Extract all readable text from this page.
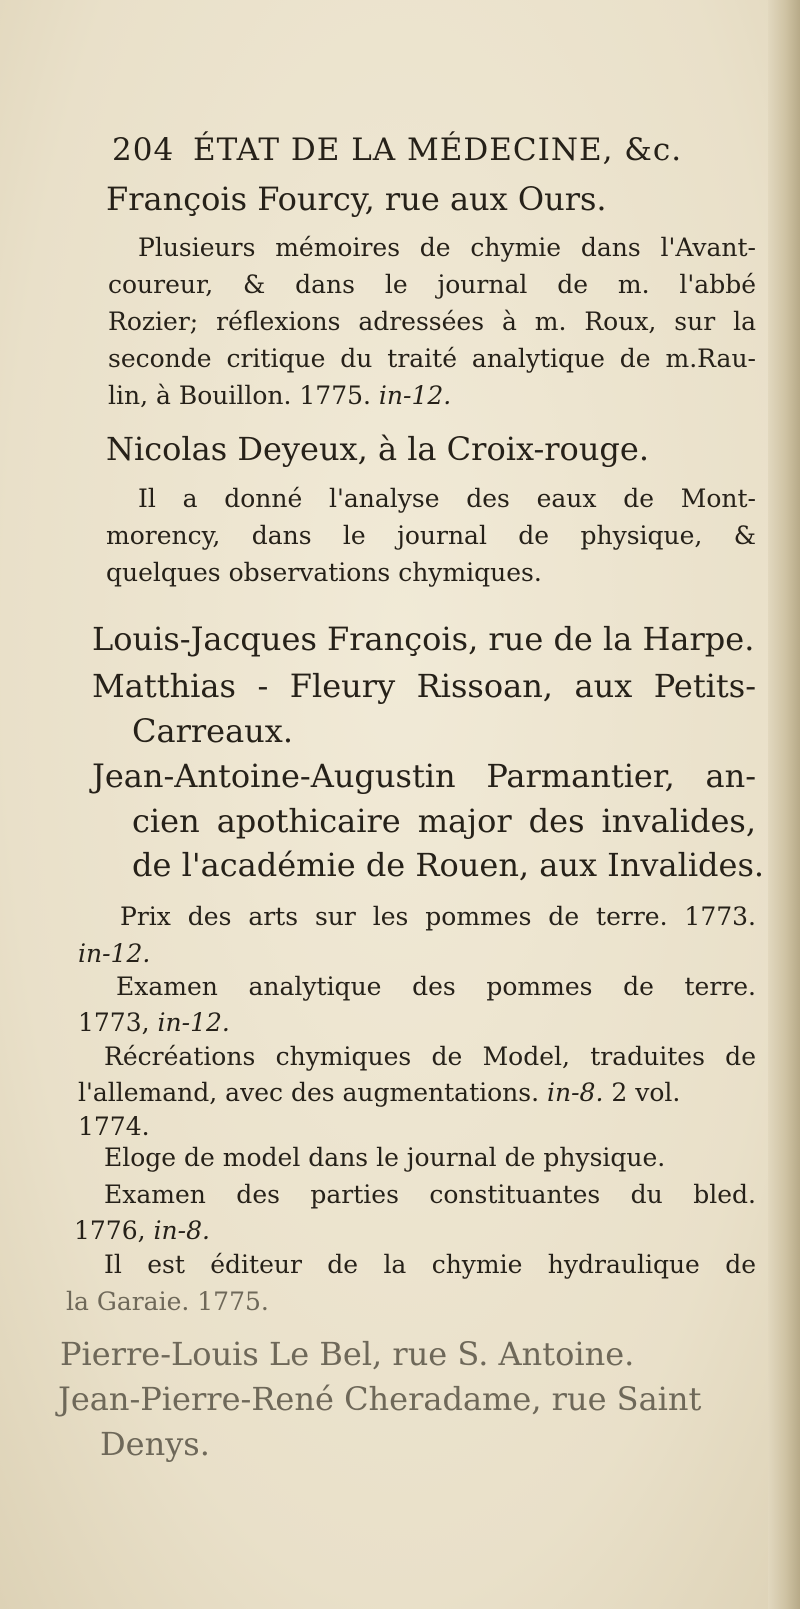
204 ÉTAT DE LA MÉDECINE, &c.
François Fourcy, rue aux Ours.
Plusieurs mémoires de chymie dans l'Avant-
coureur, & dans le journal de m. l'abbé
Rozier; réflexions adressées à m. Roux, sur la
seconde critique du traité analytique de m.Rau-
lin, à Bouillon. 1775. in-12.
Nicolas Deyeux, à la Croix-rouge.
Il a donné l'analyse des eaux de Mont-
morency, dans le journal de physique, &
quelques observations chymiques.
Louis-Jacques François, rue de la Harpe.
Matthias - Fleury Rissoan, aux Petits-
Carreaux.
Jean-Antoine-Augustin Parmantier, an-
cien apothicaire major des invalides,
de l'académie de Rouen, aux Invalides.
Prix des arts sur les pommes de terre. 1773.
in-12.
Examen analytique des pommes de terre.
1773, in-12.
Récréations chymiques de Model, traduites de
l'allemand, avec des augmentations. in-8. 2 vol.
1774.
Eloge de model dans le journal de physique.
Examen des parties constituantes du bled.
1776, in-8.
Il est éditeur de la chymie hydraulique de
la Garaie. 1775.
Pierre-Louis Le Bel, rue S. Antoine.
Jean-Pierre-René Cheradame, rue Saint
Denys.
